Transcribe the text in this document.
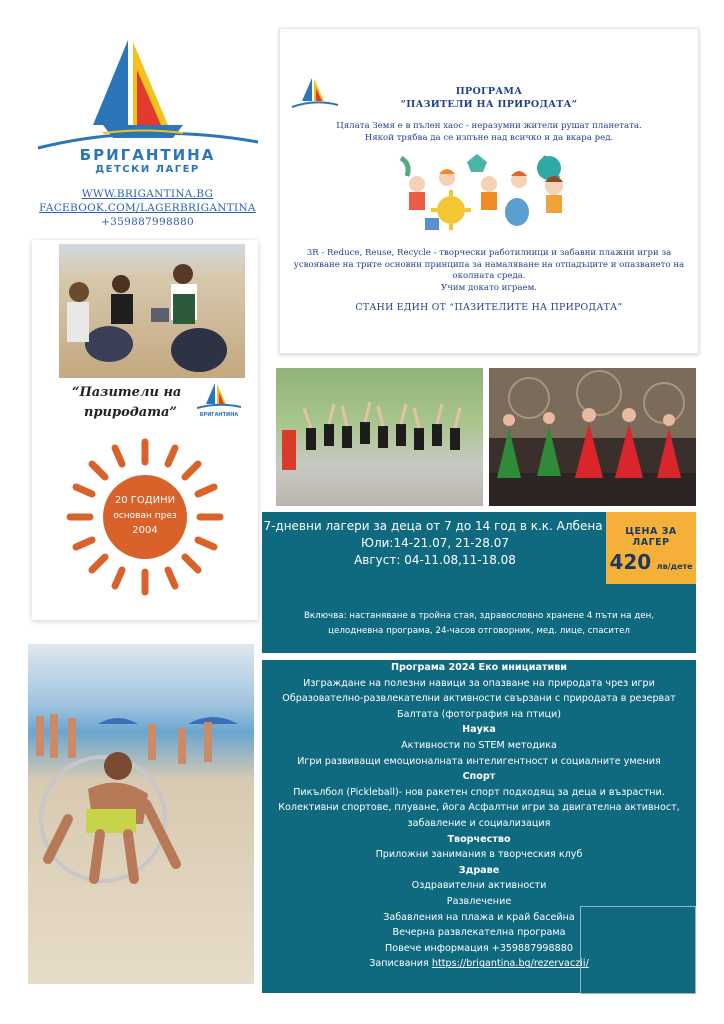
БРИГАНТИНА
ДЕТСКИ ЛАГЕР
WWW.BRIGANTINA.BG
FACEBOOK.COM/LAGERBRIGANTINA
+359887998880
ПРОГРАМА
“ПАЗИТЕЛИ НА ПРИРОДАТА”
Цялата Земя е в пълен хаос - неразумни жители рушат планетата.
Някой трябва да се изпъне над всичко и да вкара ред.
3R - Reduce, Reuse, Recycle - творчески работилници и забавни плажни игри за
усвояване на трите основни принципа за намаляване на отпадъците и опазването на
околната среда.
Учим докато играем.
СТАНИ ЕДИН ОТ “ПАЗИТЕЛИТЕ НА ПРИРОДАТА”
“Пазители на
природата”	БРИГАНТИНА
20 ГОДИНИ
основан през
2004	7-дневни лагери за деца от 7 до 14 год в к.к. Албена
Юли:14-21.07, 21-28.07
Август: 04-11.08,11-18.08
Включва: настаняване в тройна стая, здравословно хранене 4 пъти на ден,
целодневна програма, 24-часов отговорник, мед. лице, спасител
ЦЕНА ЗА
ЛАГЕР
420 лв/дете
Програма 2024 Еко инициативи
Изграждане на полезни навици за опазване на природата чрез игри
Образователно-развлекателни активности свързани с природата в резерват
Балтата (фотография на птици)
Наука
Активности по STEM методика
Игри развиващи емоционалната интелигентност и социалните умения
Спорт
Пикълбол (Pickleball)- нов ракетен спорт подходящ за деца и възрастни.
Колективни спортове, плуване, йога Асфалтни игри за двигателна активност,
забавление и социализация
Творчество
Приложни занимания в творческия клуб
Здраве
Оздравителни активности
Развлечение
Забавления на плажа и край басейна
Вечерна развлекателна програма
Повече информация +359887998880
Записвания https://brigantina.bg/rezervaczii/
